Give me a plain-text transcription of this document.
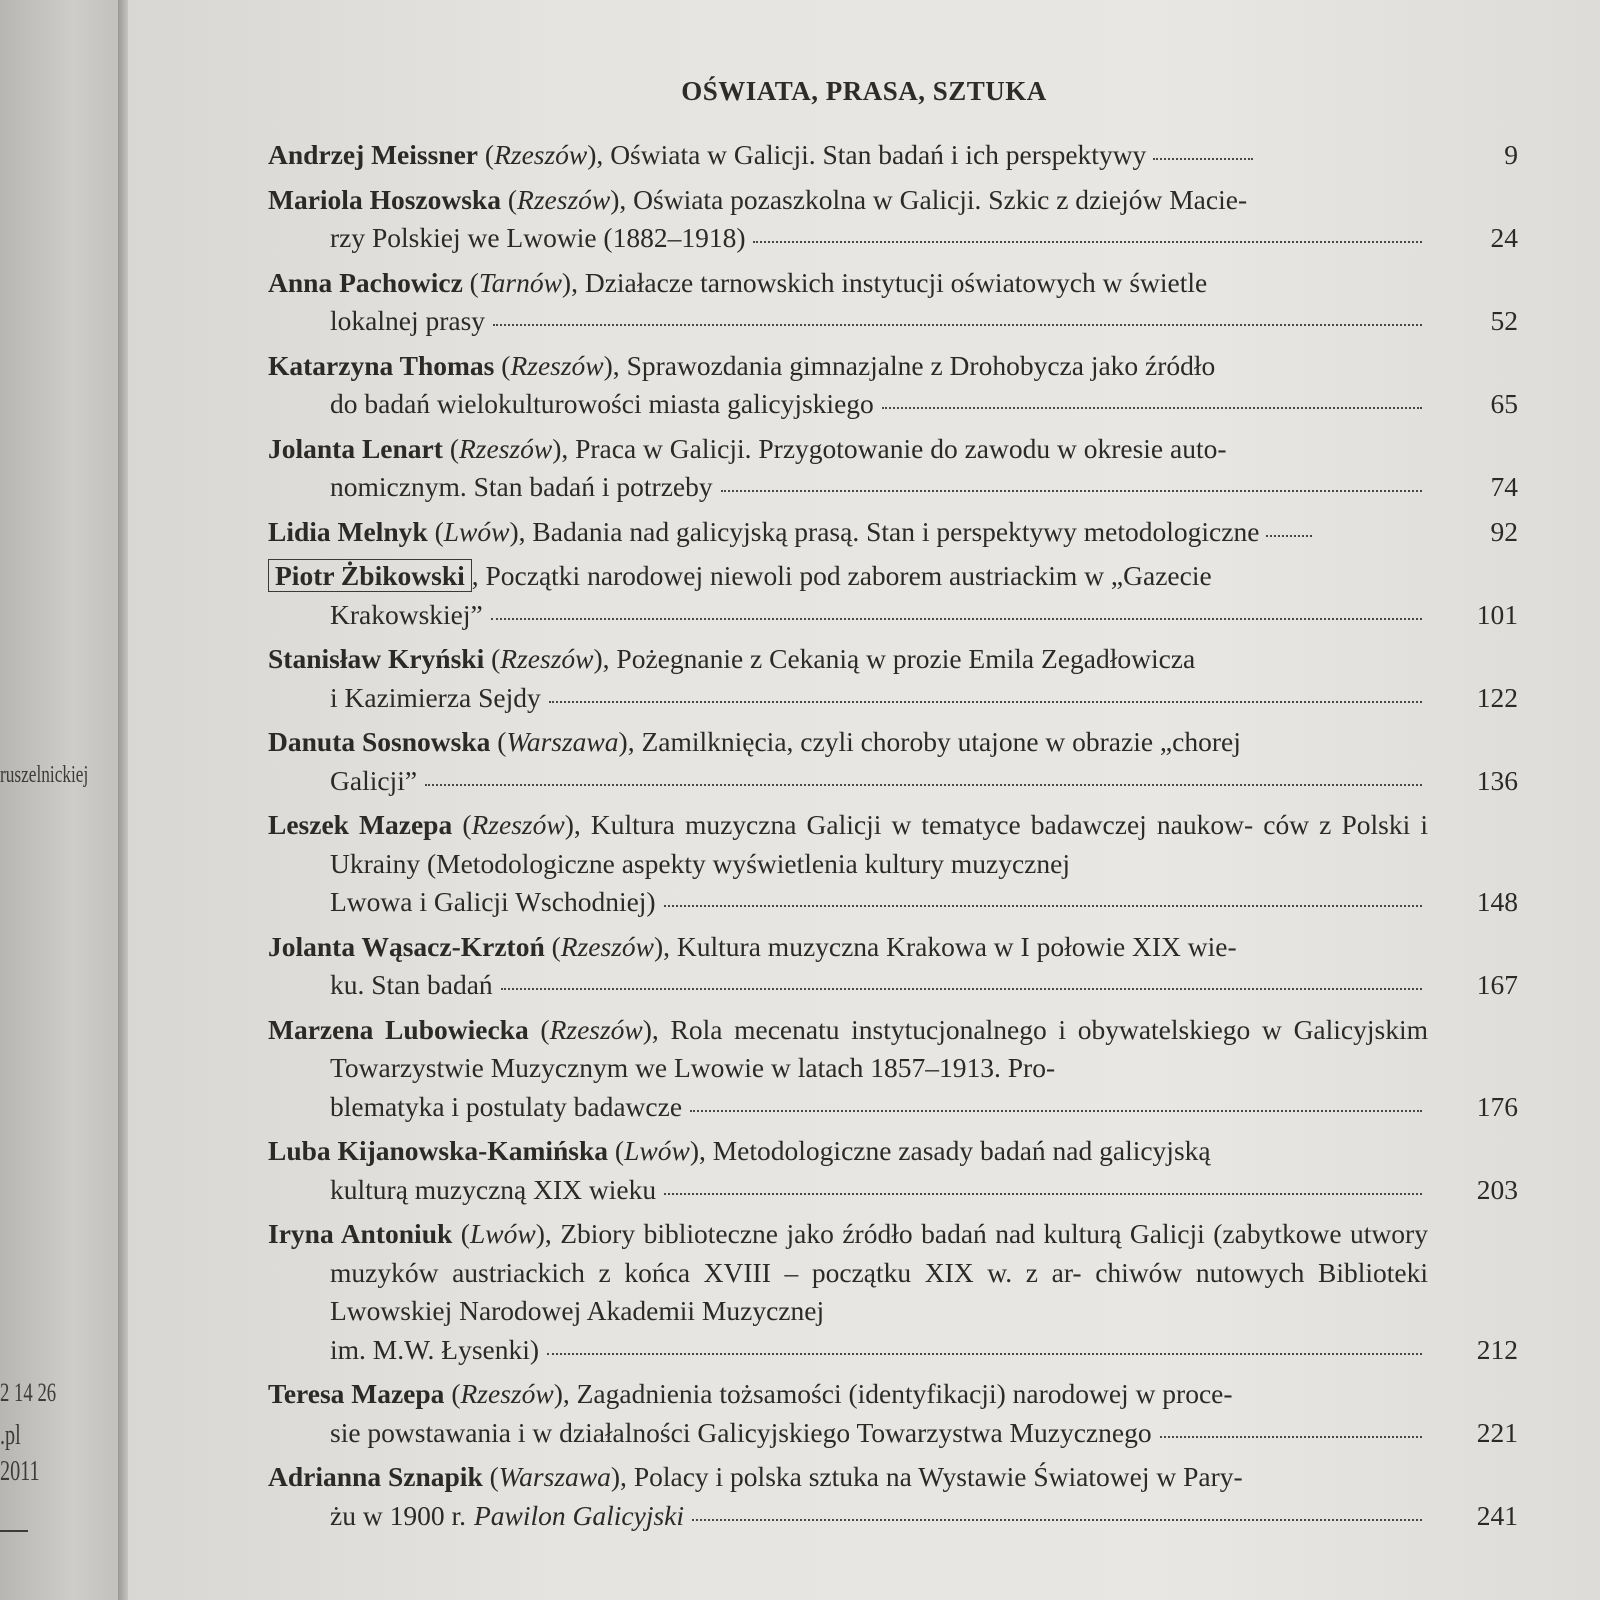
ruszelnickiej
2 14 26
.pl
2011
OŚWIATA, PRASA, SZTUKA
Andrzej Meissner (Rzeszów), Oświata w Galicji. Stan badań i ich perspektywy	9
Mariola Hoszowska (Rzeszów), Oświata pozaszkolna w Galicji. Szkic z dziejów Macie-
rzy Polskiej we Lwowie (1882–1918)	24
Anna Pachowicz (Tarnów), Działacze tarnowskich instytucji oświatowych w świetle
lokalnej prasy	52
Katarzyna Thomas (Rzeszów), Sprawozdania gimnazjalne z Drohobycza jako źródło
do badań wielokulturowości miasta galicyjskiego	65
Jolanta Lenart (Rzeszów), Praca w Galicji. Przygotowanie do zawodu w okresie auto-
nomicznym. Stan badań i potrzeby	74
Lidia Melnyk (Lwów), Badania nad galicyjską prasą. Stan i perspektywy metodologiczne	92
Piotr Żbikowski , Początki narodowej niewoli pod zaborem austriackim w „Gazecie
Krakowskiej”	101
Stanisław Kryński (Rzeszów), Pożegnanie z Cekanią w prozie Emila Zegadłowicza
i Kazimierza Sejdy	122
Danuta Sosnowska (Warszawa), Zamilknięcia, czyli choroby utajone w obrazie „chorej
Galicji”	136
Leszek Mazepa (Rzeszów), Kultura muzyczna Galicji w tematyce badawczej naukow- ców z Polski i Ukrainy (Metodologiczne aspekty wyświetlenia kultury muzycznej
Lwowa i Galicji Wschodniej)	148
Jolanta Wąsacz-Krztoń (Rzeszów), Kultura muzyczna Krakowa w I połowie XIX wie-
ku. Stan badań	167
Marzena Lubowiecka (Rzeszów), Rola mecenatu instytucjonalnego i obywatelskiego w Galicyjskim Towarzystwie Muzycznym we Lwowie w latach 1857–1913. Pro-
blematyka i postulaty badawcze	176
Luba Kijanowska-Kamińska (Lwów), Metodologiczne zasady badań nad galicyjską
kulturą muzyczną XIX wieku	203
Iryna Antoniuk (Lwów), Zbiory biblioteczne jako źródło badań nad kulturą Galicji (zabytkowe utwory muzyków austriackich z końca XVIII – początku XIX w. z ar- chiwów nutowych Biblioteki Lwowskiej Narodowej Akademii Muzycznej
im. M.W. Łysenki)	212
Teresa Mazepa (Rzeszów), Zagadnienia tożsamości (identyfikacji) narodowej w proce-
sie powstawania i w działalności Galicyjskiego Towarzystwa Muzycznego	221
Adrianna Sznapik (Warszawa), Polacy i polska sztuka na Wystawie Światowej w Pary-
żu w 1900 r. Pawilon Galicyjski	241
